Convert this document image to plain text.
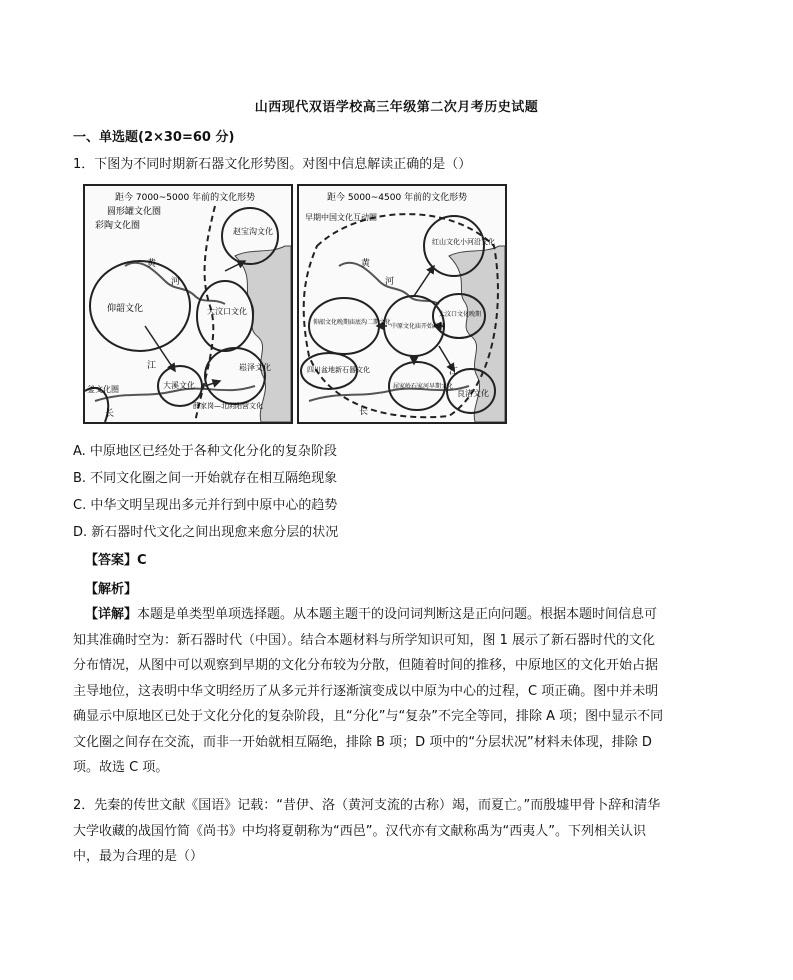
山西现代双语学校高三年级第二次月考历史试题
一、单选题(2×30=60 分)
1．下图为不同时期新石器文化形势图。对图中信息解读正确的是（）
距今 7000~5000 年前的文化形势
圆形罐文化圈
彩陶文化圈
赵宝沟文化
黄
河
仰韶文化	大汶口文化
江
大溪文化
崧泽文化
薛家岗—北阴阳营文化
釜文化圈
长
距今 5000~4500 年前的文化形势
早期中国文化互动圈
红山文化小河沿文化
黄
河
仰韶文化晚期庙底沟二期文化
中原文化庙开始出现
大汶口文化晚期
四川盆地新石器文化
屈家岭石家河早期文化
江
良渚文化
长
A. 中原地区已经处于各种文化分化的复杂阶段
B. 不同文化圈之间一开始就存在相互隔绝现象
C. 中华文明呈现出多元并行到中原中心的趋势
D. 新石器时代文化之间出现愈来愈分层的状况
【答案】C
【解析】
【详解】本题是单类型单项选择题。从本题主题干的设问词判断这是正向问题。根据本题时间信息可知其准确时空为：新石器时代（中国）。结合本题材料与所学知识可知，图 1 展示了新石器时代的文化分布情况，从图中可以观察到早期的文化分布较为分散，但随着时间的推移，中原地区的文化开始占据主导地位，这表明中华文明经历了从多元并行逐渐演变成以中原为中心的过程，C 项正确。图中并未明确显示中原地区已处于文化分化的复杂阶段，且“分化”与“复杂”不完全等同，排除 A 项；图中显示不同文化圈之间存在交流，而非一开始就相互隔绝，排除 B 项；D 项中的“分层状况”材料未体现，排除 D 项。故选 C 项。
2．先秦的传世文献《国语》记载：“昔伊、洛（黄河支流的古称）竭，而夏亡。”而殷墟甲骨卜辞和清华大学收藏的战国竹简《尚书》中均将夏朝称为“西邑”。汉代亦有文献称禹为“西夷人”。下列相关认识中，最为合理的是（）
